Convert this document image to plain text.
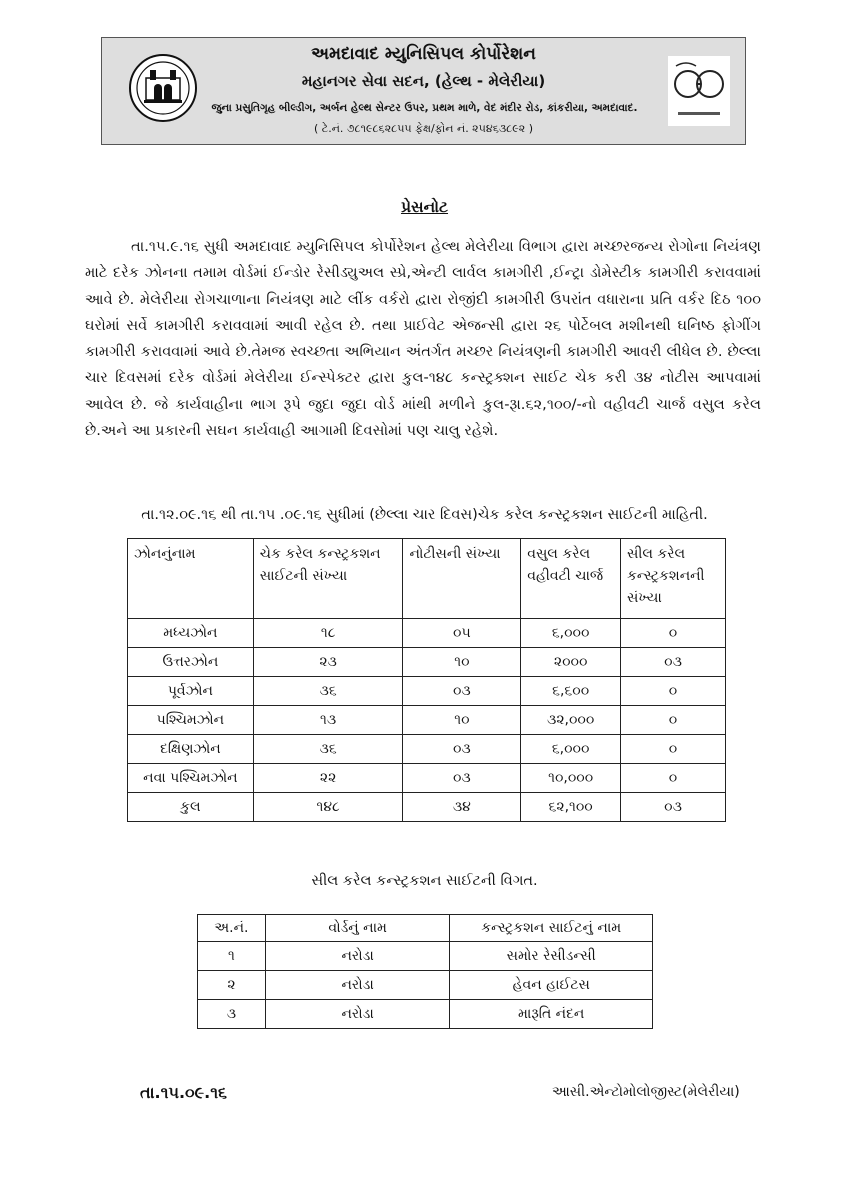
અમદાવાદ મ્યુનિસિપલ કોર્પોરેશન
મહાનગર સેવા સદન, (હેલ્થ - મેલેરીયા)
જુના પ્રસુતિગૃહ બીલ્ડીગ, અર્બન હેલ્થ સેન્ટર ઉપર, પ્રથમ માળે, વેદ મંદીર રોડ, કાંકરીયા, અમદાવાદ.
( ટે.નં. ૭૮૧૯૮૬૨૮૫૫ ફેક્ષ/ફોન નં. ૨૫૪૬૩૮૯૨ )
પ્રેસનોટ

તા.૧૫.૯.૧૬ સુધી અમદાવાદ મ્યુનિસિપલ કોર્પોરેશન હેલ્થ મેલેરીયા વિભાગ દ્વારા મચ્છરજન્ય રોગોના નિયંત્રણ માટે દરેક ઝોનના તમામ વોર્ડમાં ઈન્ડોર રેસીડ્યુઅલ સ્પ્રે,એન્ટી લાર્વલ કામગીરી ,ઈન્ટ્રા ડોમેસ્ટીક કામગીરી કરાવવામાં આવે છે. મેલેરીયા રોગચાળાના નિયંત્રણ માટે લીંક વર્કરો દ્વારા રોજીંદી કામગીરી ઉપરાંત વધારાના પ્રતિ વર્કર દિઠ ૧૦૦ ઘરોમાં સર્વે કામગીરી કરાવવામાં આવી રહેલ છે. તથા પ્રાઈવેટ એજન્સી દ્વારા ૨૬ પોર્ટેબલ મશીનથી ઘનિષ્ઠ ફોગીંગ કામગીરી કરાવવામાં આવે છે.તેમજ સ્વચ્છતા અભિયાન અંતર્ગત મચ્છર નિયંત્રણની કામગીરી આવરી લીધેલ છે. છેલ્લા ચાર દિવસમાં દરેક વોર્ડમાં મેલેરીયા ઈન્સ્પેક્ટર દ્વારા કુલ-૧૪૮ કન્સ્ટ્રક્શન સાઈટ ચેક કરી ૩૪ નોટીસ આપવામાં આવેલ છે. જે કાર્યવાહીના ભાગ રૂપે જુદા જુદા વોર્ડ માંથી મળીને કુલ-રૂા.૬૨,૧૦૦/-નો વહીવટી ચાર્જ વસુલ કરેલ છે.અને આ પ્રકારની સઘન કાર્યવાહી આગામી દિવસોમાં પણ ચાલુ રહેશે.

તા.૧૨.૦૯.૧૬ થી તા.૧૫ .૦૯.૧૬ સુધીમાં (છેલ્લા ચાર દિવસ)ચેક કરેલ કન્સ્ટ્રકશન સાઈટની માહિતી.
ઝોનનુંનામ	ચેક કરેલ કન્સ્ટ્રકશન સાઈટની સંખ્યા	નોટીસની સંખ્યા	વસુલ કરેલ વહીવટી ચાર્જ	સીલ કરેલ કન્સ્ટ્રકશનની સંખ્યા
મધ્યઝોન	૧૮	૦૫	૬,૦૦૦	૦
ઉત્તરઝોન	૨૩	૧૦	૨૦૦૦	૦૩
પૂર્વઝોન	૩૬	૦૩	૬,૬૦૦	૦
પશ્ચિમઝોન	૧૩	૧૦	૩૨,૦૦૦	૦
દક્ષિણઝોન	૩૬	૦૩	૬,૦૦૦	૦
નવા પશ્ચિમઝોન	૨૨	૦૩	૧૦,૦૦૦	૦
કુલ	૧૪૮	૩૪	૬૨,૧૦૦	૦૩
સીલ કરેલ કન્સ્ટ્રકશન સાઈટની વિગત.
અ.નં.	વોર્ડનું નામ	કન્સ્ટ્રકશન સાઈટનું નામ
૧	નરોડા	સમોર રેસીડન્સી
૨	નરોડા	હેવન હાઈટસ
૩	નરોડા	મારૂતિ નંદન
તા.૧૫.૦૯.૧૬	આસી.એન્ટોમોલોજીસ્ટ(મેલેરીયા)
